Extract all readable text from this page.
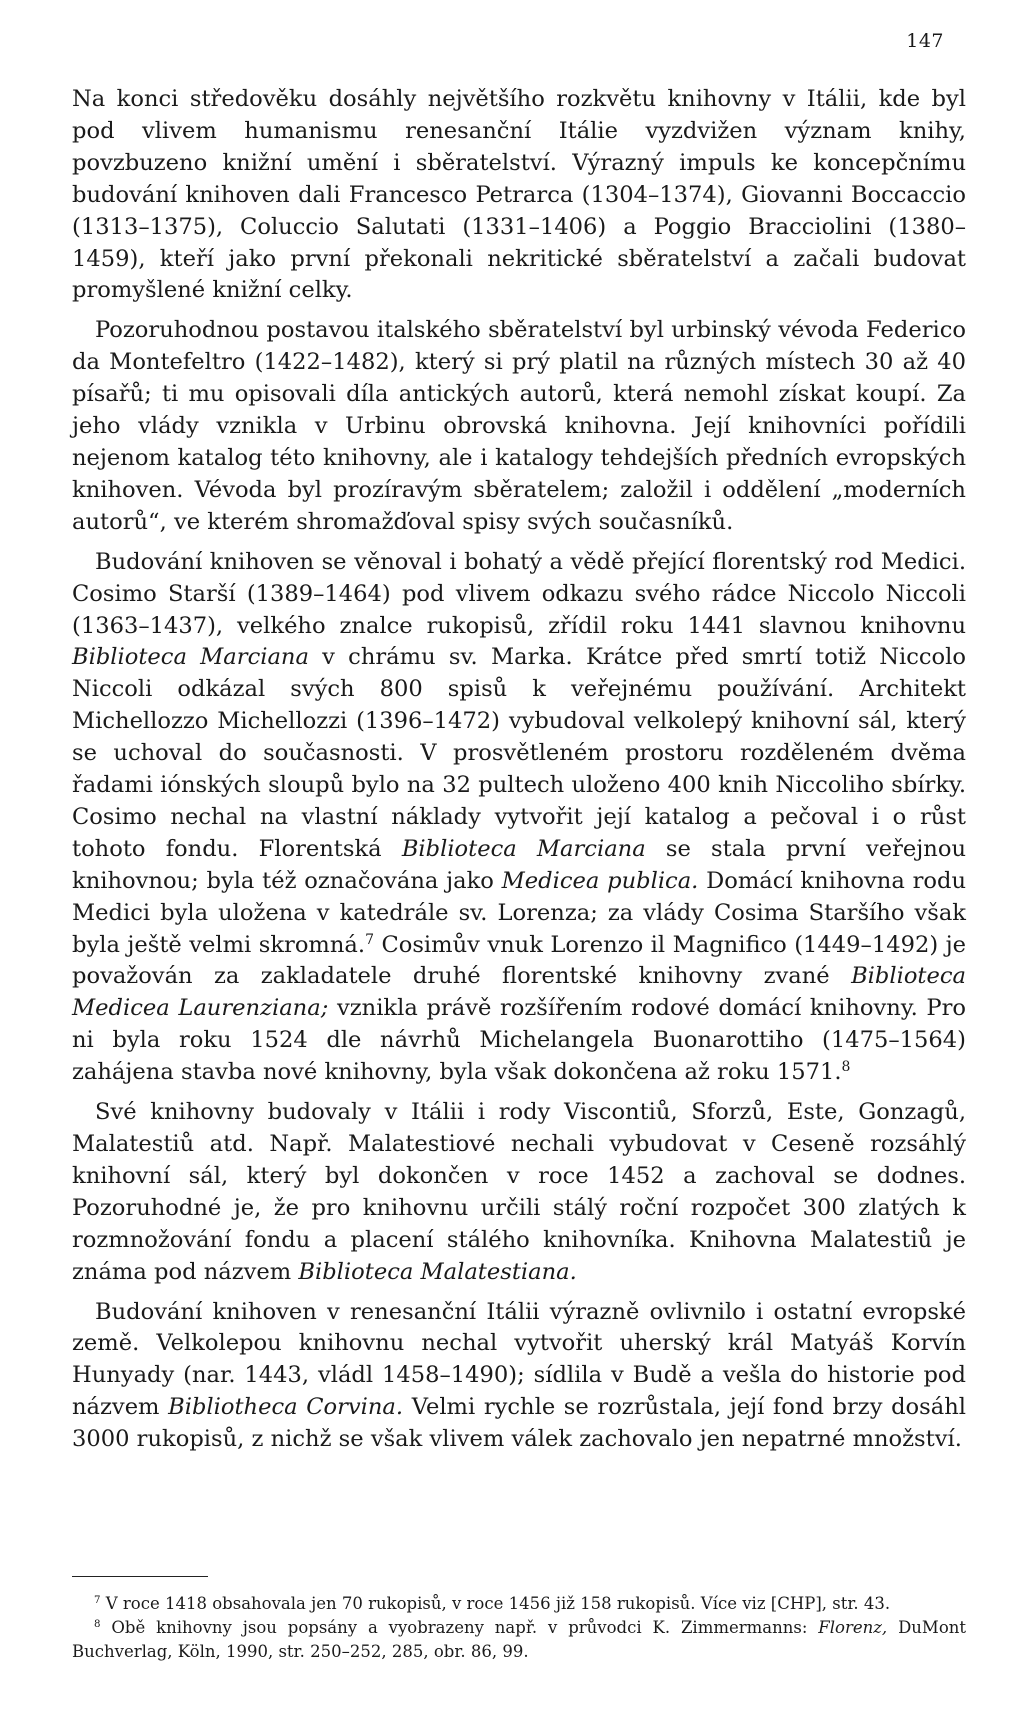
147

Na konci středověku dosáhly největšího rozkvětu knihovny v Itálii, kde byl pod vlivem humanismu renesanční Itálie vyzdvižen význam knihy, povzbuzeno knižní umění i sběratelství. Výrazný impuls ke koncepčnímu budování knihoven dali Francesco Petrarca (1304–1374), Giovanni Boccaccio (1313–1375), Coluccio Salutati (1331–1406) a Poggio Bracciolini (1380–1459), kteří jako první překonali nekritické sběratelství a začali budovat promyšlené knižní celky.

Pozoruhodnou postavou italského sběratelství byl urbinský vévoda Federico da Montefeltro (1422–1482), který si prý platil na různých místech 30 až 40 písařů; ti mu opisovali díla antických autorů, která nemohl získat koupí. Za jeho vlády vznikla v Urbinu obrovská knihovna. Její knihovníci pořídili nejenom katalog této knihovny, ale i katalogy tehdejších předních evropských knihoven. Vévoda byl prozíravým sběratelem; založil i oddělení „moderních autorů“, ve kterém shromažďoval spisy svých současníků.

Budování knihoven se věnoval i bohatý a vědě přející florentský rod Medici. Cosimo Starší (1389–1464) pod vlivem odkazu svého rádce Niccolo Niccoli (1363–1437), velkého znalce rukopisů, zřídil roku 1441 slavnou knihovnu Biblioteca Marciana v chrámu sv. Marka. Krátce před smrtí totiž Niccolo Niccoli odkázal svých 800 spisů k veřejnému používání. Architekt Michellozzo Michellozzi (1396–1472) vybudoval velkolepý knihovní sál, který se uchoval do současnosti. V prosvětleném prostoru rozděleném dvěma řadami iónských sloupů bylo na 32 pultech uloženo 400 knih Niccoliho sbírky. Cosimo nechal na vlastní náklady vytvořit její katalog a pečoval i o růst tohoto fondu. Florentská Biblioteca Marciana se stala první veřejnou knihovnou; byla též označována jako Medicea publica. Domácí knihovna rodu Medici byla uložena v katedrále sv. Lorenza; za vlády Cosima Staršího však byla ještě velmi skromná.$^7$ Cosimův vnuk Lorenzo il Magnifico (1449–1492) je považován za zakladatele druhé florentské knihovny zvané Biblioteca Medicea Laurenziana; vznikla právě rozšířením rodové domácí knihovny. Pro ni byla roku 1524 dle návrhů Michelangela Buonarottiho (1475–1564) zahájena stavba nové knihovny, byla však dokončena až roku 1571.$^8$

Své knihovny budovaly v Itálii i rody Viscontiů, Sforzů, Este, Gonzagů, Malatestiů atd. Např. Malatestiové nechali vybudovat v Ceseně rozsáhlý knihovní sál, který byl dokončen v roce 1452 a zachoval se dodnes. Pozoruhodné je, že pro knihovnu určili stálý roční rozpočet 300 zlatých k rozmnožování fondu a placení stálého knihovníka. Knihovna Malatestiů je známa pod názvem Biblioteca Malatestiana.

Budování knihoven v renesanční Itálii výrazně ovlivnilo i ostatní evropské země. Velkolepou knihovnu nechal vytvořit uherský král Matyáš Korvín Hunyady (nar. 1443, vládl 1458–1490); sídlila v Budě a vešla do historie pod názvem Bibliotheca Corvina. Velmi rychle se rozrůstala, její fond brzy dosáhl 3000 rukopisů, z nichž se však vlivem válek zachovalo jen nepatrné množství.

$^7$ V roce 1418 obsahovala jen 70 rukopisů, v roce 1456 již 158 rukopisů. Více viz [CHP], str. 43.

$^8$ Obě knihovny jsou popsány a vyobrazeny např. v průvodci K. Zimmermanns: Florenz, DuMont Buchverlag, Köln, 1990, str. 250–252, 285, obr. 86, 99.
